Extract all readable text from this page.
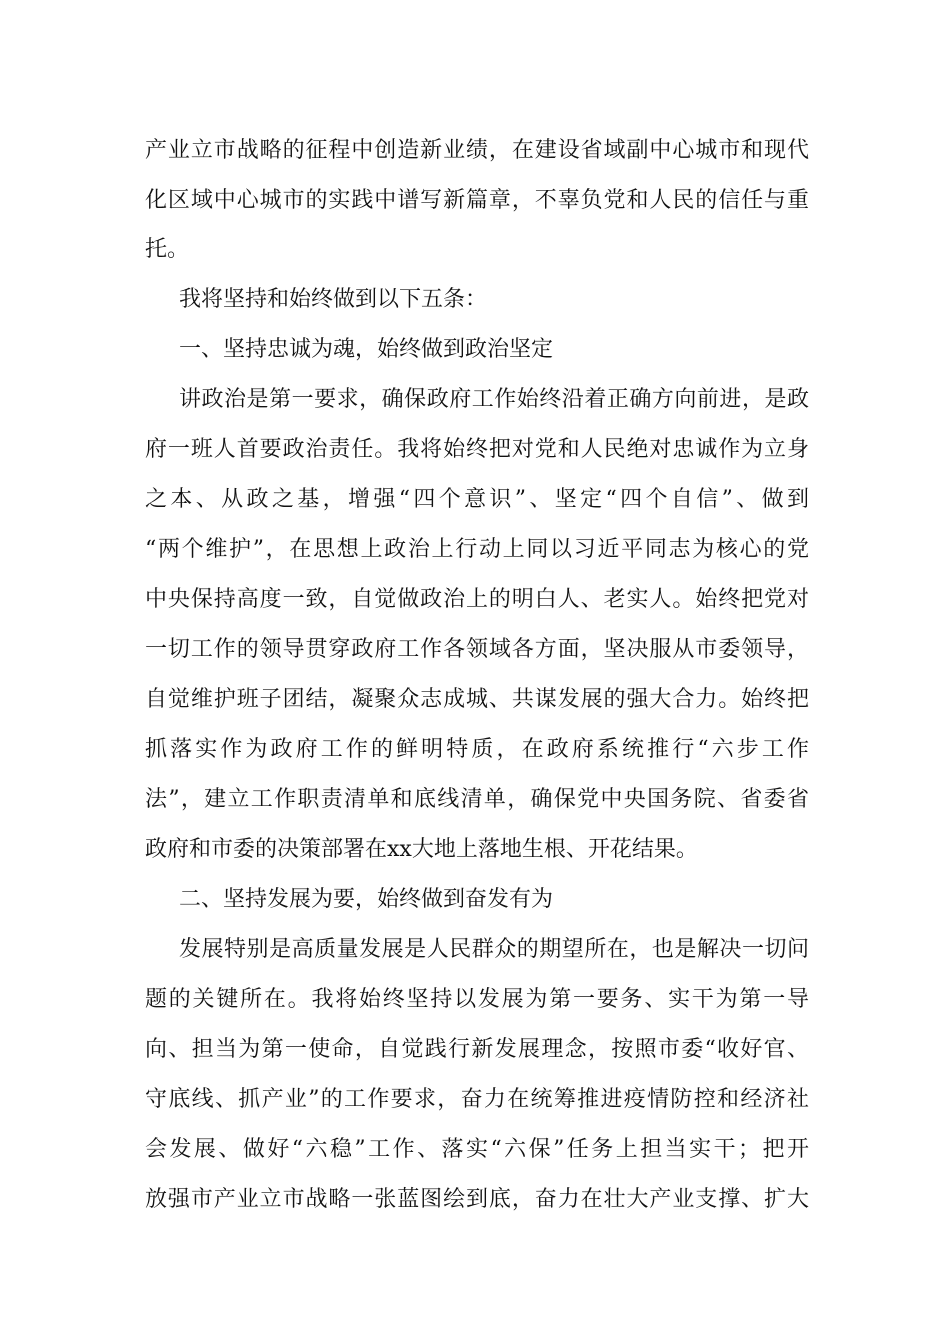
产业立市战略的征程中创造新业绩，在建设省域副中心城市和现代
化区域中心城市的实践中谱写新篇章，不辜负党和人民的信任与重
托。
我将坚持和始终做到以下五条：
一、坚持忠诚为魂，始终做到政治坚定
讲政治是第一要求，确保政府工作始终沿着正确方向前进，是政
府一班人首要政治责任。我将始终把对党和人民绝对忠诚作为立身
之本、从政之基，增强“四个意识”、坚定“四个自信”、做到
“两个维护”，在思想上政治上行动上同以习近平同志为核心的党
中央保持高度一致，自觉做政治上的明白人、老实人。始终把党对
一切工作的领导贯穿政府工作各领域各方面，坚决服从市委领导，
自觉维护班子团结，凝聚众志成城、共谋发展的强大合力。始终把
抓落实作为政府工作的鲜明特质，在政府系统推行“六步工作
法”，建立工作职责清单和底线清单，确保党中央国务院、省委省
政府和市委的决策部署在xx大地上落地生根、开花结果。
二、坚持发展为要，始终做到奋发有为
发展特别是高质量发展是人民群众的期望所在，也是解决一切问
题的关键所在。我将始终坚持以发展为第一要务、实干为第一导
向、担当为第一使命，自觉践行新发展理念，按照市委“收好官、
守底线、抓产业”的工作要求，奋力在统筹推进疫情防控和经济社
会发展、做好“六稳”工作、落实“六保”任务上担当实干；把开
放强市产业立市战略一张蓝图绘到底，奋力在壮大产业支撑、扩大
